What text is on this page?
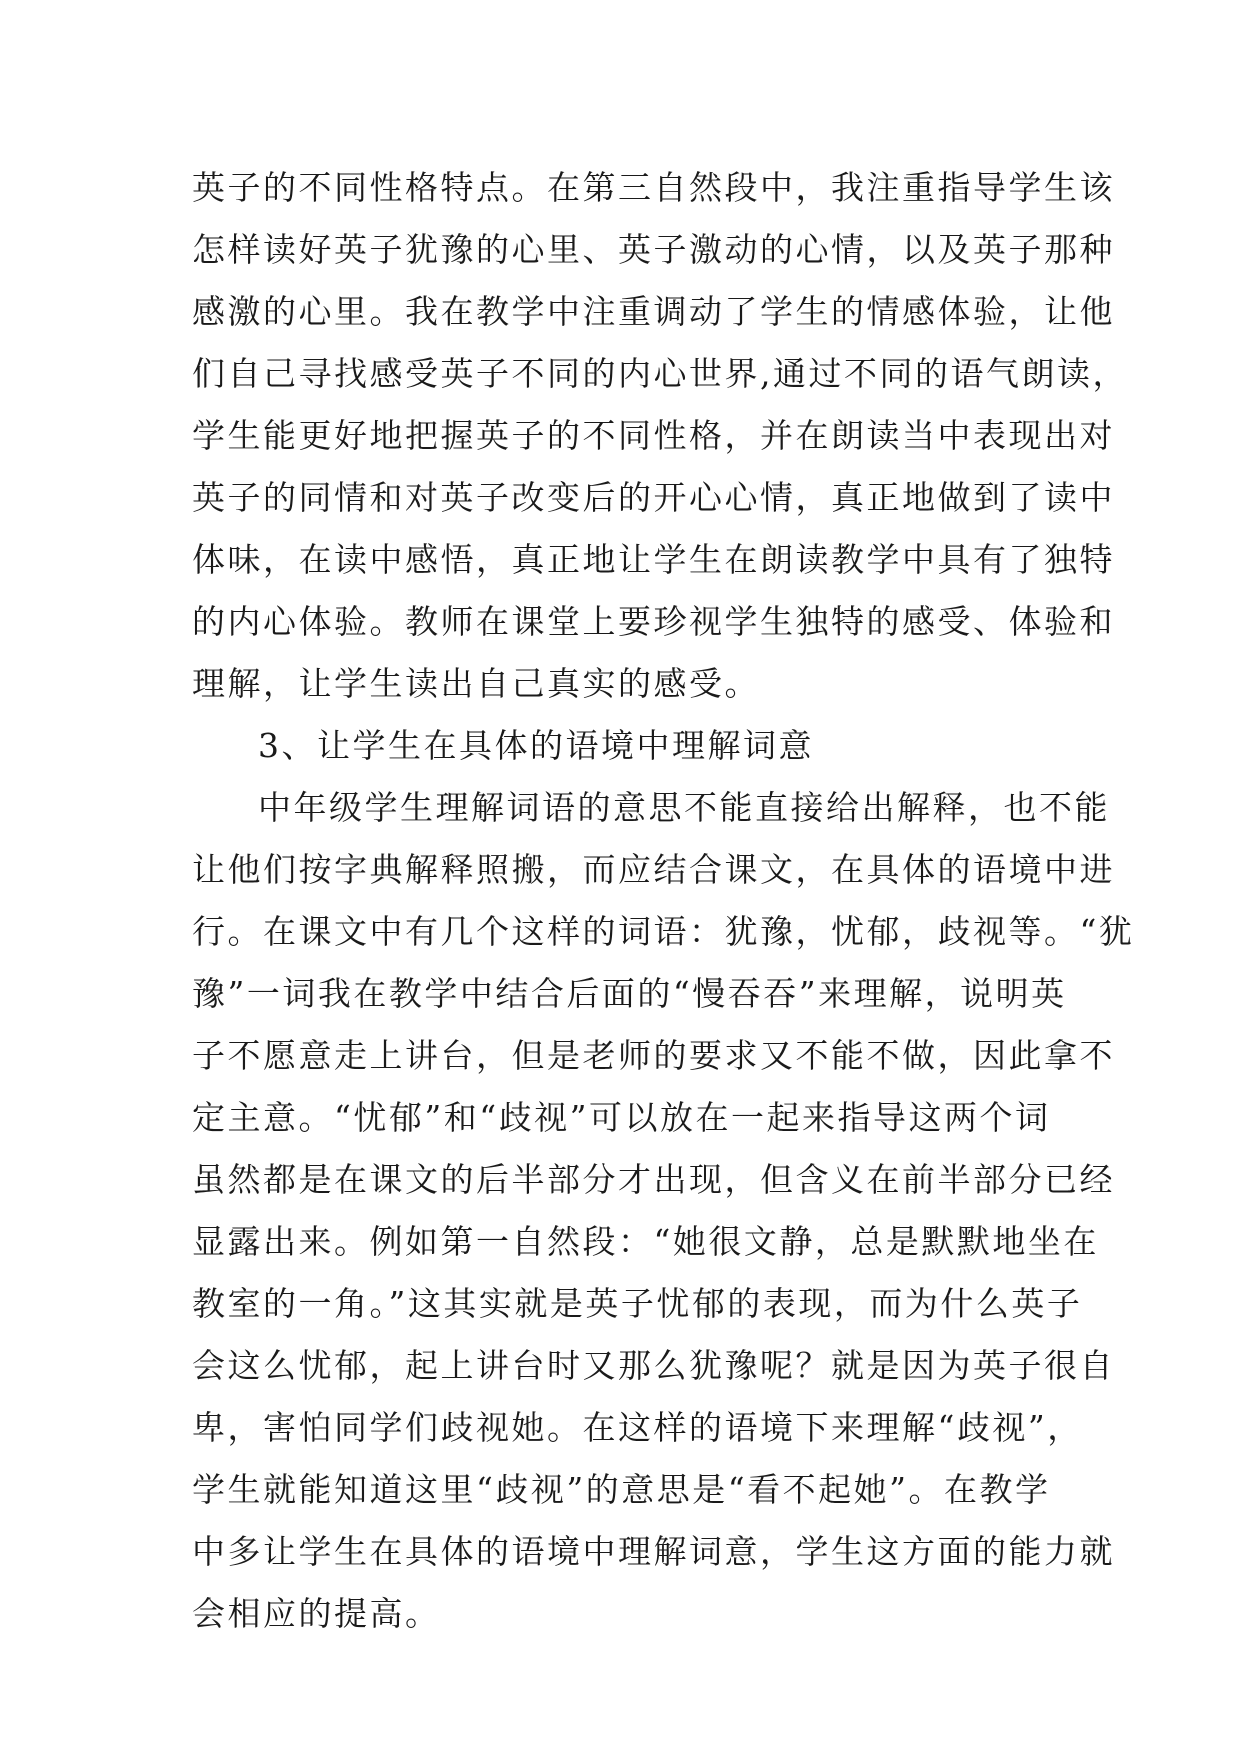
英子的不同性格特点。在第三自然段中，我注重指导学生该
怎样读好英子犹豫的心里、英子激动的心情，以及英子那种
感激的心里。我在教学中注重调动了学生的情感体验，让他
们自己寻找感受英子不同的内心世界,通过不同的语气朗读，
学生能更好地把握英子的不同性格，并在朗读当中表现出对
英子的同情和对英子改变后的开心心情，真正地做到了读中
体味，在读中感悟，真正地让学生在朗读教学中具有了独特
的内心体验。教师在课堂上要珍视学生独特的感受、体验和
理解，让学生读出自己真实的感受。
3、让学生在具体的语境中理解词意
中年级学生理解词语的意思不能直接给出解释，也不能
让他们按字典解释照搬，而应结合课文，在具体的语境中进
行。在课文中有几个这样的词语：犹豫，忧郁，歧视等。“犹
豫”一词我在教学中结合后面的“慢吞吞”来理解，说明英
子不愿意走上讲台，但是老师的要求又不能不做，因此拿不
定主意。“忧郁”和“歧视”可以放在一起来指导这两个词
虽然都是在课文的后半部分才出现，但含义在前半部分已经
显露出来。例如第一自然段：“她很文静，总是默默地坐在
教室的一角。”这其实就是英子忧郁的表现，而为什么英子
会这么忧郁，起上讲台时又那么犹豫呢？就是因为英子很自
卑，害怕同学们歧视她。在这样的语境下来理解“歧视”，
学生就能知道这里“歧视”的意思是“看不起她”。在教学
中多让学生在具体的语境中理解词意，学生这方面的能力就
会相应的提高。
